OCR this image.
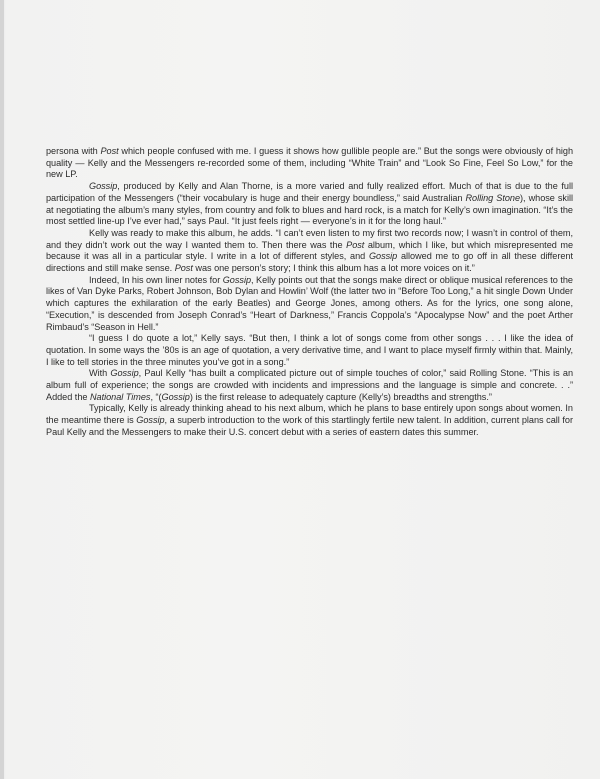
persona with Post which people confused with me. I guess it shows how gullible people are.” But the songs were obviously of high quality — Kelly and the Messengers re-recorded some of them, including “White Train” and “Look So Fine, Feel So Low,” for the new LP.

Gossip, produced by Kelly and Alan Thorne, is a more varied and fully realized effort. Much of that is due to the full participation of the Messengers (“their vocabulary is huge and their energy boundless,” said Australian Rolling Stone), whose skill at negotiating the album’s many styles, from country and folk to blues and hard rock, is a match for Kelly’s own imagination. “It’s the most settled line-up I’ve ever had,” says Paul. “It just feels right — everyone’s in it for the long haul.”

Kelly was ready to make this album, he adds. “I can’t even listen to my first two records now; I wasn’t in control of them, and they didn’t work out the way I wanted them to. Then there was the Post album, which I like, but which misrepresented me because it was all in a particular style. I write in a lot of different styles, and Gossip allowed me to go off in all these different directions and still make sense. Post was one person’s story; I think this album has a lot more voices on it.”

Indeed, In his own liner notes for Gossip, Kelly points out that the songs make direct or oblique musical references to the likes of Van Dyke Parks, Robert Johnson, Bob Dylan and Howlin’ Wolf (the latter two in “Before Too Long,” a hit single Down Under which captures the exhilaration of the early Beatles) and George Jones, among others. As for the lyrics, one song alone, “Execution,” is descended from Joseph Conrad’s “Heart of Darkness,” Francis Coppola’s “Apocalypse Now” and the poet Arther Rimbaud’s “Season in Hell.”

“I guess I do quote a lot,” Kelly says. “But then, I think a lot of songs come from other songs . . . I like the idea of quotation. In some ways the ’80s is an age of quotation, a very derivative time, and I want to place myself firmly within that. Mainly, I like to tell stories in the three minutes you’ve got in a song.”

With Gossip, Paul Kelly “has built a complicated picture out of simple touches of color,” said Rolling Stone. “This is an album full of experience; the songs are crowded with incidents and impressions and the language is simple and concrete. . .” Added the National Times, “(Gossip) is the first release to adequately capture (Kelly’s) breadths and strengths.”

Typically, Kelly is already thinking ahead to his next album, which he plans to base entirely upon songs about women. In the meantime there is Gossip, a superb introduction to the work of this startlingly fertile new talent. In addition, current plans call for Paul Kelly and the Messengers to make their U.S. concert debut with a series of eastern dates this summer.
